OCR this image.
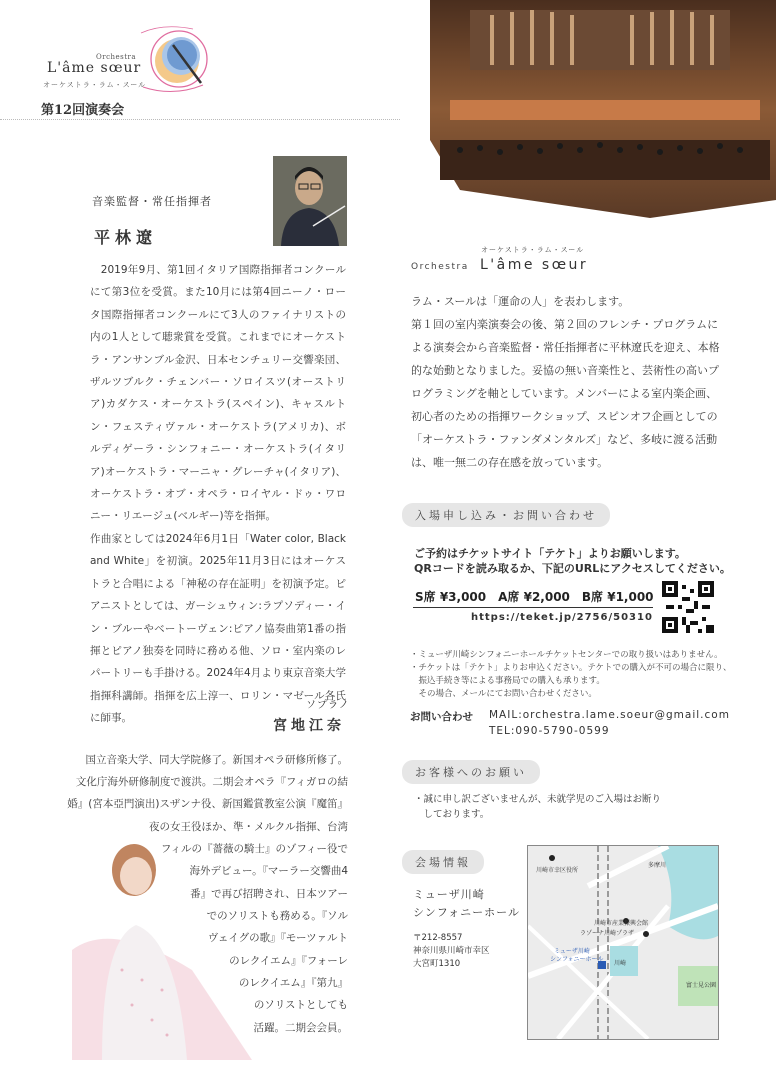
Orchestra
L'âme sœur
オーケストラ・ラム・スール
第12回演奏会
音楽監督・常任指揮者
平林遼
　2019年9月、第1回イタリア国際指揮者コンクールにて第3位を受賞。また10月には第4回ニーノ・ロータ国際指揮者コンクールにて3人のファイナリストの内の1人として聴衆賞を受賞。これまでにオーケストラ・アンサンブル金沢、日本センチュリー交響楽団、ザルツブルク・チェンバー・ソロイスツ(オーストリア)カダケス・オーケストラ(スペイン)、キャスルトン・フェスティヴァル・オーケストラ(アメリカ)、ボルディゲーラ・シンフォニー・オーケストラ(イタリア)オーケストラ・マーニャ・グレーチャ(イタリア)、オーケストラ・オブ・オペラ・ロイヤル・ドゥ・ワロニー・リエージュ(ベルギー)等を指揮。
作曲家としては2024年6月1日「Water color, Black and White」を初演。2025年11月3日にはオーケス トラと合唱による「神秘の存在証明」を初演予定。ピアニストとしては、ガーシュウィン:ラプソディー・イン・ブルーやベートーヴェン:ピアノ協奏曲第1番の指揮とピアノ独奏を同時に務める他、ソロ・室内楽のレパートリーも手掛ける。2024年4月より東京音楽大学指揮科講師。指揮を広上淳一、ロリン・マゼール各氏に師事。
ソプラノ
宮地江奈
国立音楽大学、同大学院修了。新国オペラ研修所修了。
文化庁海外研修制度で渡洪。二期会オペラ『フィガロの結
婚』(宮本亞門演出)スザンナ役、新国鑑賞教室公演『魔笛』
夜の女王役ほか、準・メルクル指揮、台湾
フィルの『薔薇の騎士』のゾフィー役で
海外デビュー。『マーラー交響曲4
番』で再び招聘され、日本ツアー
でのソリストも務める。『ソル
ヴェイグの歌』『モーツァルト
のレクイエム』『フォーレ
のレクイエム』『第九』
のソリストとしても
活躍。二期会会員。
オーケストラ・ラム・スール
Orchestra L'âme sœur
ラム・スールは「運命の人」を表わします。
第１回の室内楽演奏会の後、第２回のフレンチ・プログラムによる演奏会から音楽監督・常任指揮者に平林遼氏を迎え、本格的な始動となりました。妥協の無い音楽性と、芸術性の高いプログラミングを軸としています。メンバーによる室内楽企画、初心者のための指揮ワークショップ、スピンオフ企画としての「オーケストラ・ファンダメンタルズ」など、多岐に渡る活動は、唯一無二の存在感を放っています。
入場申し込み・お問い合わせ
ご予約はチケットサイト「テケト」よりお願いします。
QRコードを読み取るか、下記のURLにアクセスしてください。
S席 ¥3,000　A席 ¥2,000　B席 ¥1,000
https://teket.jp/2756/50310
・ミューザ川崎シンフォニーホールチケットセンターでの取り扱いはありません。
・チケットは「テケト」よりお申込ください。テケトでの購入が不可の場合に限り、
　振込手続き等による事務局での購入も承ります。
　その場合、メールにてお問い合わせください。
お問い合わせ MAIL:orchestra.lame.soeur@gmail.com
TEL:090-5790-0599
お客様へのお願い
・誠に申し訳ございませんが、未就学児のご入場はお断り
　しております。
会場情報
ミューザ川崎
シンフォニーホール
〒212-8557
神奈川県川崎市幸区
大宮町1310
川崎市幸区役所
多摩川
川崎市産業振興会館
ラゾーナ川崎プラザ
ミューザ川崎
シンフォニーホール
川崎
富士見公園
